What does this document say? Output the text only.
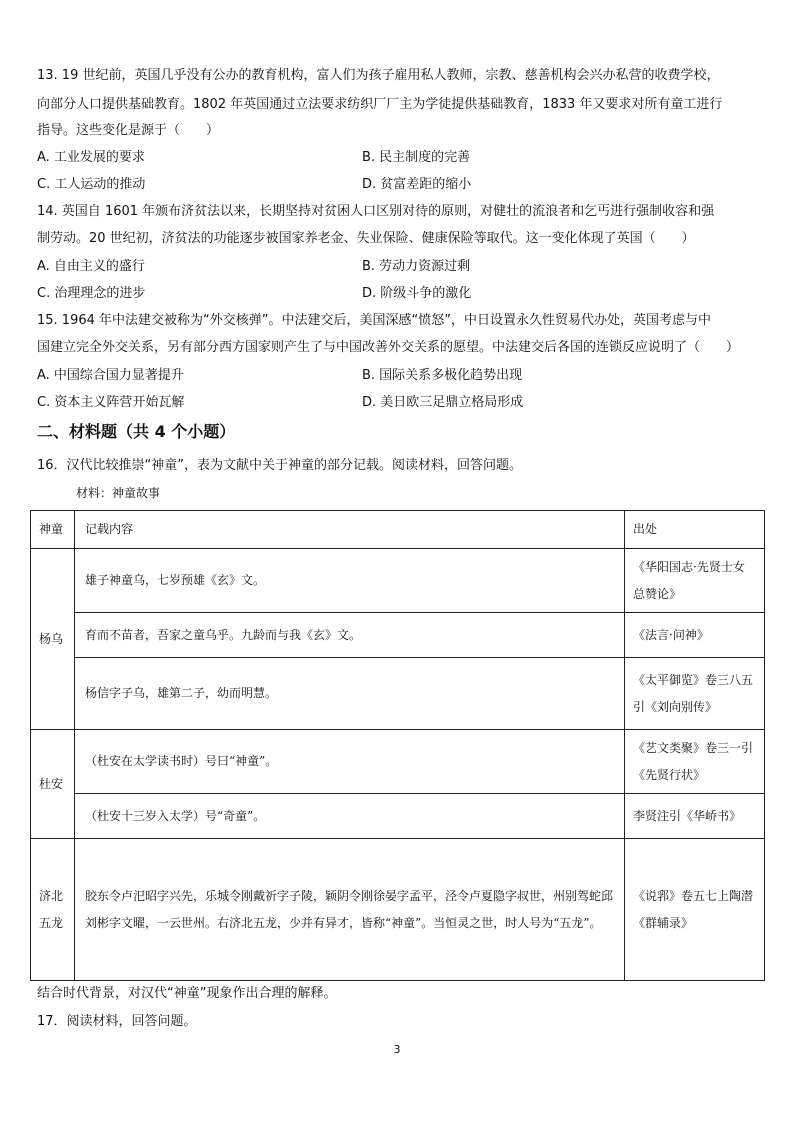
13. 19 世纪前，英国几乎没有公办的教育机构，富人们为孩子雇用私人教师，宗教、慈善机构会兴办私营的收费学校，
向部分人口提供基础教育。1802 年英国通过立法要求纺织厂厂主为学徒提供基础教育，1833 年又要求对所有童工进行
指导。这些变化是源于（　　）
A. 工业发展的要求	B. 民主制度的完善
C. 工人运动的推动	D. 贫富差距的缩小
14. 英国自 1601 年颁布济贫法以来，长期坚持对贫困人口区别对待的原则，对健壮的流浪者和乞丐进行强制收容和强
制劳动。20 世纪初，济贫法的功能逐步被国家养老金、失业保险、健康保险等取代。这一变化体现了英国（　　）
A. 自由主义的盛行	B. 劳动力资源过剩
C. 治理理念的进步	D. 阶级斗争的激化
15. 1964 年中法建交被称为“外交核弹”。中法建交后，美国深感“愤怒”，中日设置永久性贸易代办处，英国考虑与中
国建立完全外交关系，另有部分西方国家则产生了与中国改善外交关系的愿望。中法建交后各国的连锁反应说明了（　　）
A. 中国综合国力显著提升	B. 国际关系多极化趋势出现
C. 资本主义阵营开始瓦解	D. 美日欧三足鼎立格局形成
二、材料题（共 4 个小题）
16．汉代比较推崇“神童”，表为文献中关于神童的部分记载。阅读材料，回答问题。
材料：神童故事
神童	记载内容	出处
杨乌	雄子神童乌，七岁预雄《玄》文。	《华阳国志·先贤士女总赞论》
	育而不苗者，吾家之童乌乎。九龄而与我《玄》文。	《法言·问神》
	杨信字子乌，雄第二子，幼而明慧。	《太平御览》卷三八五引《刘向别传》
杜安	（杜安在太学读书时）号曰“神童”。	《艺文类聚》卷三一引《先贤行状》
	（杜安十三岁入太学）号“奇童”。	李贤注引《华峤书》
济北五龙	胶东令卢汜昭字兴先，乐城令刚戴祈字子陵，颖阴令刚徐晏字孟平，泾令卢夏隐字叔世，州别驾蛇邱刘彬字文曜，一云世州。右济北五龙，少并有异才，皆称“神童”。当恒灵之世，时人号为“五龙”。	《说郛》卷五七上陶潜《群辅录》
结合时代背景，对汉代“神童”现象作出合理的解释。
17．阅读材料，回答问题。
3
